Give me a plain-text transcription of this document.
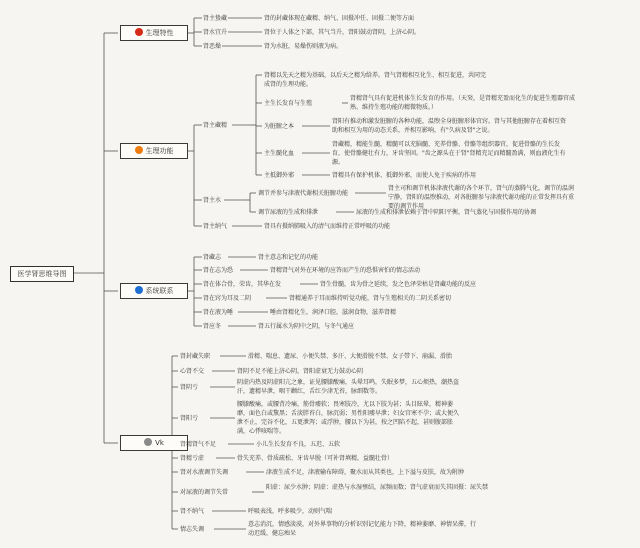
医学肾思维导图
生理特性
生理功能
系统联系
Vk
肾主蛰藏	肾的封藏体现在藏精、纳气、固摄冲任、固摄二便等方面
肾水宜升	肾位于人体之下部，其气当升，肾阳鼓动肾阴，上济心阴。
肾恶燥	肾为水脏，易燥伤则液为病。
肾主藏精
肾精以先天之精为基础，以后天之精为给养。肾气肾精相互化生、相互促进，共同完成肾的生理功能。
主生长发育与生殖
肾精肾气具有促进机体生长发育的作用。（天癸，是肾精充盈而化生的促进生殖器官成熟、维持生殖功能的精微物质。）
为脏腑之本
肾阳有推动和激发脏腑的各种功能，温煦全身脏腑形体官窍。肾与其他脏腑存在着相互资助和相互为用的动态关系，并相互影响，有"久病及肾"之说。
主生髓化血
肾藏精，精能生髓，精髓可以充脑髓、充养骨骼、骨骼等组织器官，促进骨骼的生长发育，使骨骼健壮有力，牙齿坚固。"齿之源头在于肾"肾精充足而精髓盈满，则血液化生有源。
主抵御外邪	肾精具有保护机体、抵御外邪，而使人免于疾病的作用
肾主水
调节并参与津液代谢相关脏腑功能
肾主司和调节机体津液代谢的各个环节，肾气的蒸腾气化，调节的温润宁静，肾阳的温煦推动，对各脏腑参与津液代谢功能的正常发挥具有重要的调节作用
调节尿液的生成和排泄	尿液的生成和排泄依赖于肾中阴阳平衡，肾气蒸化与固摄作用的协调
肾主纳气	肾具有摄纳肺吸入的清气而维持正常呼吸的功能
肾藏志	肾主意志和记忆的功能
肾在志为恐	肾精肾气对外在环境的应答而产生的恐惧害怕的情志活动
肾在体合骨，荣齿，其华在发	肾生骨髓，齿为骨之延续，发之色泽荣枯是肾藏功能的反应
肾在窍为耳及二阴	肾精通养于耳而维持听觉功能，肾与生殖相关的二阴关系密切
肾在液为唾	唾由肾精化生，润泽口腔，滋润食物，滋养肾精
肾应冬	肾五行属水为阴中之阴，与冬气通应
肾封藏失职	滑精、喘息、遗尿、小便失禁、多汗、大便滑脱不禁、女子带下、崩漏、滑胎
心肾不交	肾阴不足不能上济心阴，肾阳虚衰无力鼓动心阴
肾阴亏
阴虚内热及阴虚阳亢之象，证见腰膝酸痛，头晕耳鸣，失眠多梦，五心烦热，潮热盗汗，遗精早泄，咽干颧红，舌红少津无苔，脉细数等。
肾阳亏
腰膝酸痛，或腰背冷痛，筋骨痿软；畏寒肢冷，尤以下肢为甚；头目眩晕，精神萎靡，面色白或黧黑；舌淡胖苔白，脉沉弱；男性阳痿早泄；妇女宫寒不孕；或大便久泄不止，完谷不化，五更泄泻；或浮肿，腰以下为甚，按之凹陷不起，甚则腹部胀满，心悸咳喘等。
肾精肾气不足	小儿生长发育不良，五迟、五软
肾精亏虚	骨失充养、骨质疏松、牙齿早脱（可补肾填精，益髓壮骨）
肾对水液调节失调	津液生成不足，津液输布障碍，聚水而从其类也，上下溢与皮肤，故为附肿
对尿液的调节失常
阳虚：尿少水肿；阴虚：虚热与水湿壅结，尿频而数；肾气虚衰而失其固摄：尿失禁
肾不纳气	呼吸表浅，呼多吸少，动则气喘
情志失调
意志消沉，情感淡漠，对外界事物的分析识别记忆能力下降，精神萎靡、神情呆滞，行动迟缓，健忘痴呆
